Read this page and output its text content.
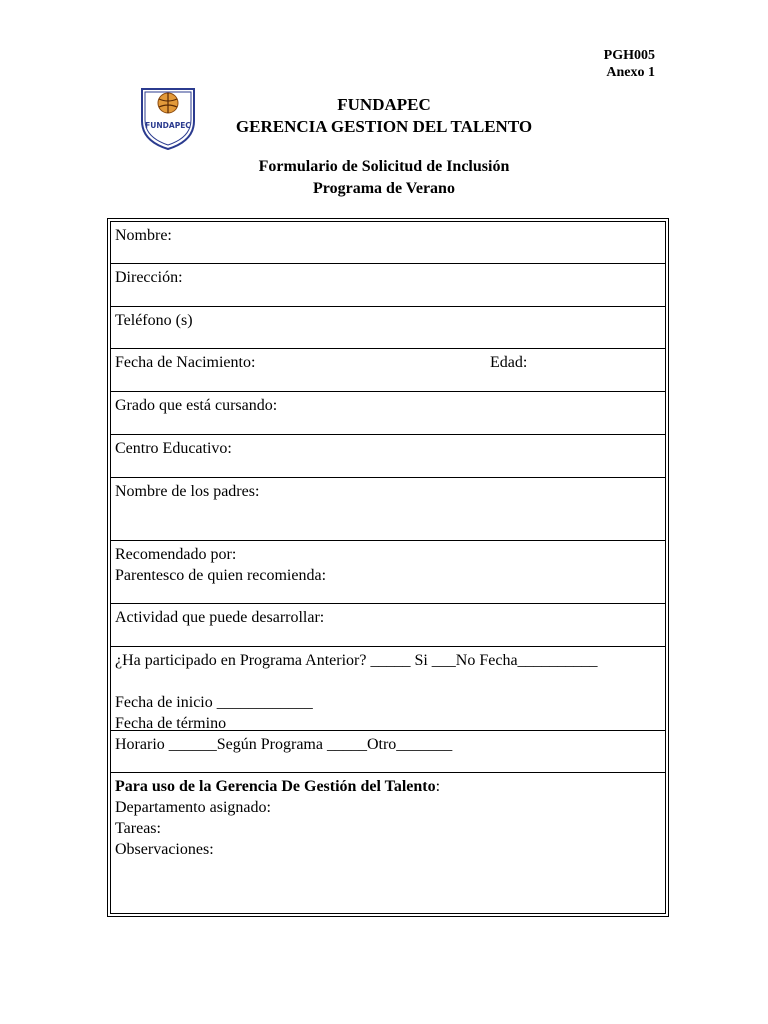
PGH005
Anexo 1
FUNDAPEC
FUNDAPEC
GERENCIA GESTION DEL TALENTO
Formulario de Solicitud de Inclusión
Programa de Verano
Nombre:
Dirección:
Teléfono (s)
Fecha de Nacimiento:	Edad:
Grado que está cursando:
Centro Educativo:
Nombre de los padres:
Recomendado por:
Parentesco de quien recomienda:
Actividad que puede desarrollar:
¿Ha participado en Programa Anterior? _____ Si ___No Fecha__________
Fecha de inicio ____________
Fecha de término
Horario ______Según Programa _____Otro_______
Para uso de la Gerencia De Gestión del Talento:
Departamento asignado:
Tareas:
Observaciones:
